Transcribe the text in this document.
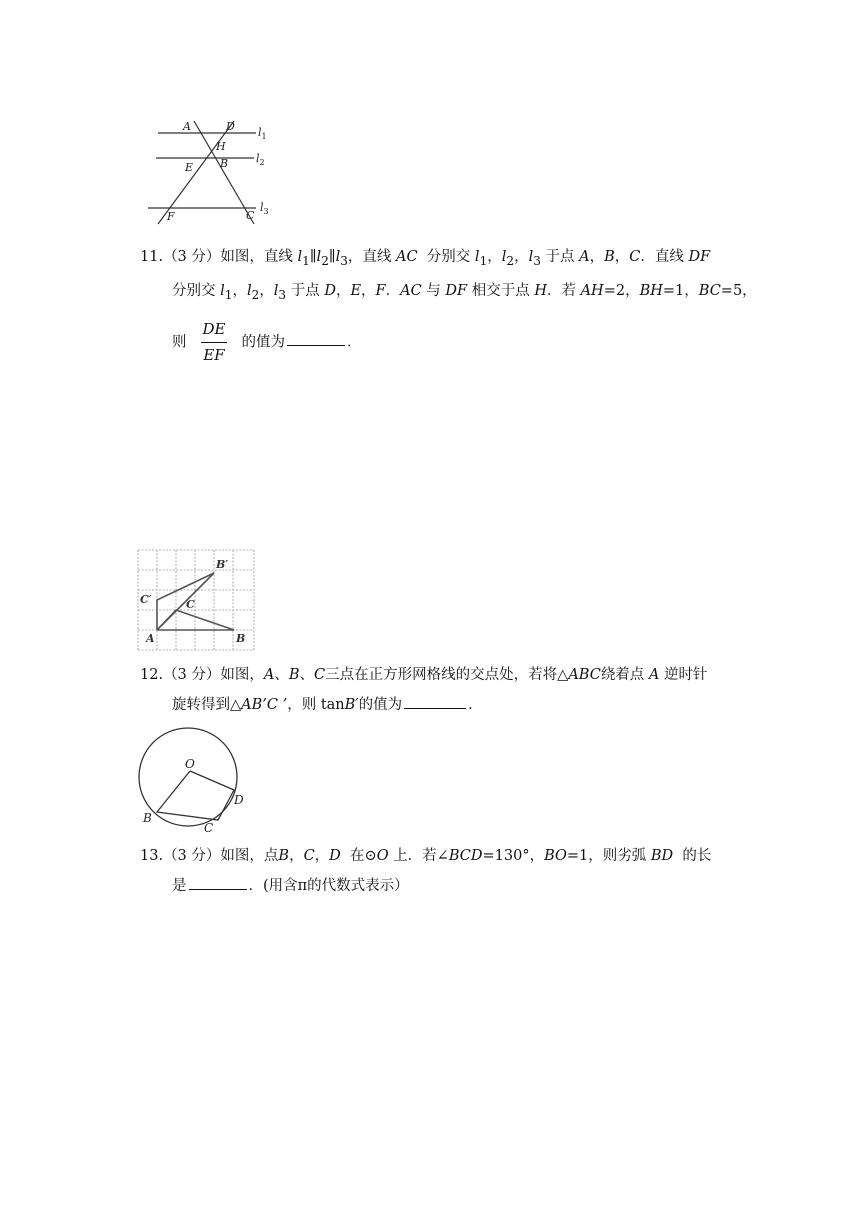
A	D
H
E B
F	C
$l_1$
$l_2$
$l_3$
11.（3 分）如图，直线 $l_1\parallel l_2\parallel l_3$，直线 AC  分别交 $l_1$，$l_2$，$l_3$ 于点 A，B，C．直线 DF
分别交 $l_1$，$l_2$，$l_3$ 于点 D，E，F．AC 与 DF 相交于点 H．若 AH=2，BH=1，BC=5，
则 $\frac{DE}{EF}$ 的值为	．
B′
C′	C
A	B
12.（3 分）如图，A、B、C三点在正方形网格线的交点处，若将△ABC绕着点 A 逆时针
旋转得到△AB’C ’，则 tanB′的值为	．
O
D
B
C
13.（3 分）如图，点B，C，D  在⊙O 上．若∠BCD=130°，BO=1，则劣弧 BD  的长
是	．(用含π的代数式表示）
